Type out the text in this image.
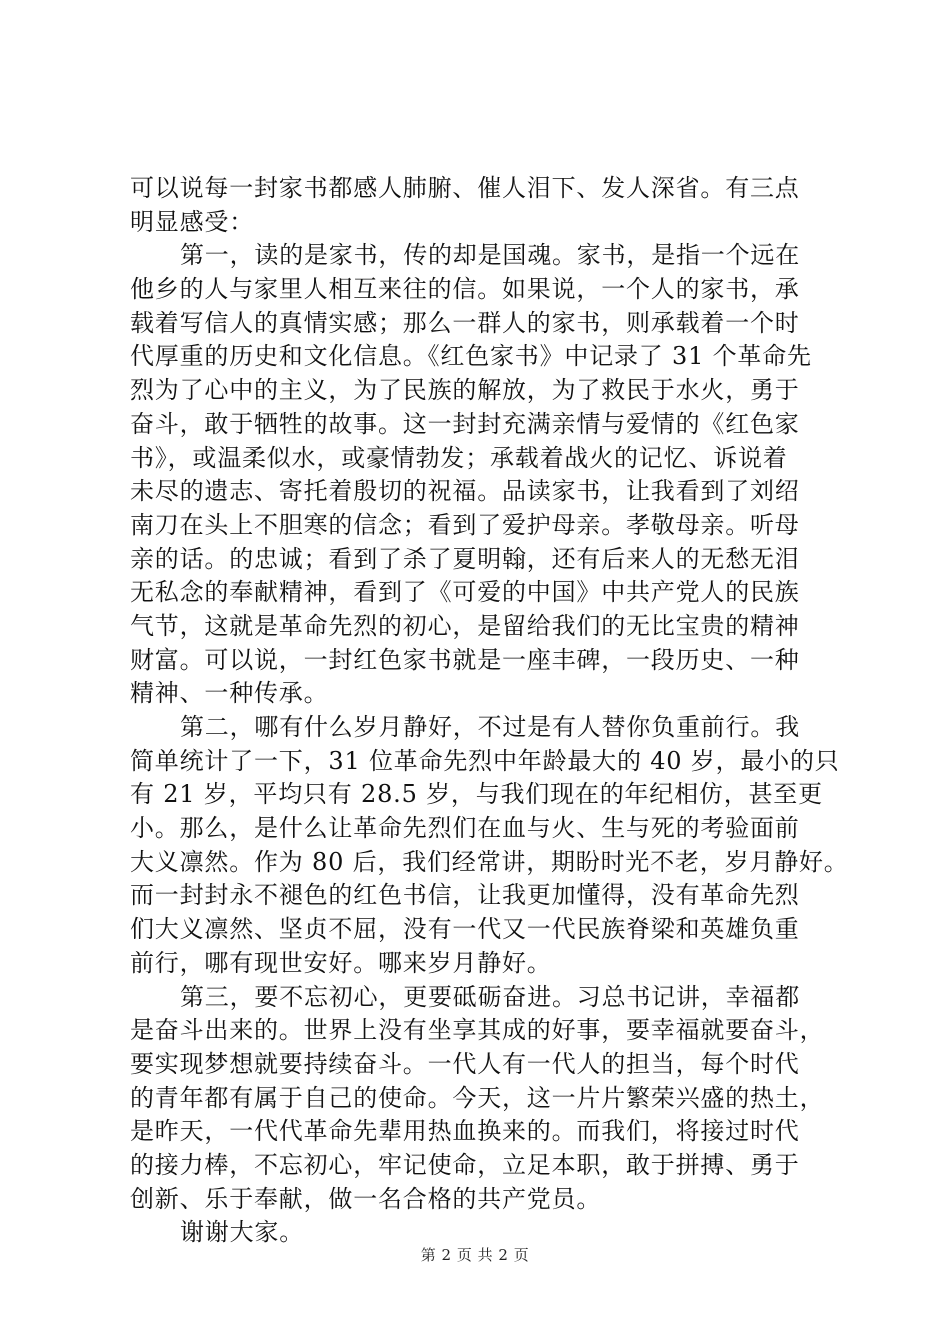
可以说每一封家书都感人肺腑、催人泪下、发人深省。有三点
明显感受：
第一，读的是家书，传的却是国魂。家书，是指一个远在
他乡的人与家里人相互来往的信。如果说，一个人的家书，承
载着写信人的真情实感；那么一群人的家书，则承载着一个时
代厚重的历史和文化信息。《红色家书》中记录了 31 个革命先
烈为了心中的主义，为了民族的解放，为了救民于水火，勇于
奋斗，敢于牺牲的故事。这一封封充满亲情与爱情的《红色家
书》，或温柔似水，或豪情勃发；承载着战火的记忆、诉说着
未尽的遗志、寄托着殷切的祝福。品读家书，让我看到了刘绍
南刀在头上不胆寒的信念；看到了爱护母亲。孝敬母亲。听母
亲的话。的忠诚；看到了杀了夏明翰，还有后来人的无愁无泪
无私念的奉献精神，看到了《可爱的中国》中共产党人的民族
气节，这就是革命先烈的初心，是留给我们的无比宝贵的精神
财富。可以说，一封红色家书就是一座丰碑，一段历史、一种
精神、一种传承。
第二，哪有什么岁月静好，不过是有人替你负重前行。我
简单统计了一下，31 位革命先烈中年龄最大的 40 岁，最小的只
有 21 岁，平均只有 28.5 岁，与我们现在的年纪相仿，甚至更
小。那么，是什么让革命先烈们在血与火、生与死的考验面前
大义凛然。作为 80 后，我们经常讲，期盼时光不老，岁月静好。
而一封封永不褪色的红色书信，让我更加懂得，没有革命先烈
们大义凛然、坚贞不屈，没有一代又一代民族脊梁和英雄负重
前行，哪有现世安好。哪来岁月静好。
第三，要不忘初心，更要砥砺奋进。习总书记讲，幸福都
是奋斗出来的。世界上没有坐享其成的好事，要幸福就要奋斗，
要实现梦想就要持续奋斗。一代人有一代人的担当，每个时代
的青年都有属于自己的使命。今天，这一片片繁荣兴盛的热土，
是昨天，一代代革命先辈用热血换来的。而我们，将接过时代
的接力棒，不忘初心，牢记使命，立足本职，敢于拼搏、勇于
创新、乐于奉献，做一名合格的共产党员。
谢谢大家。
第 2 页 共 2 页
